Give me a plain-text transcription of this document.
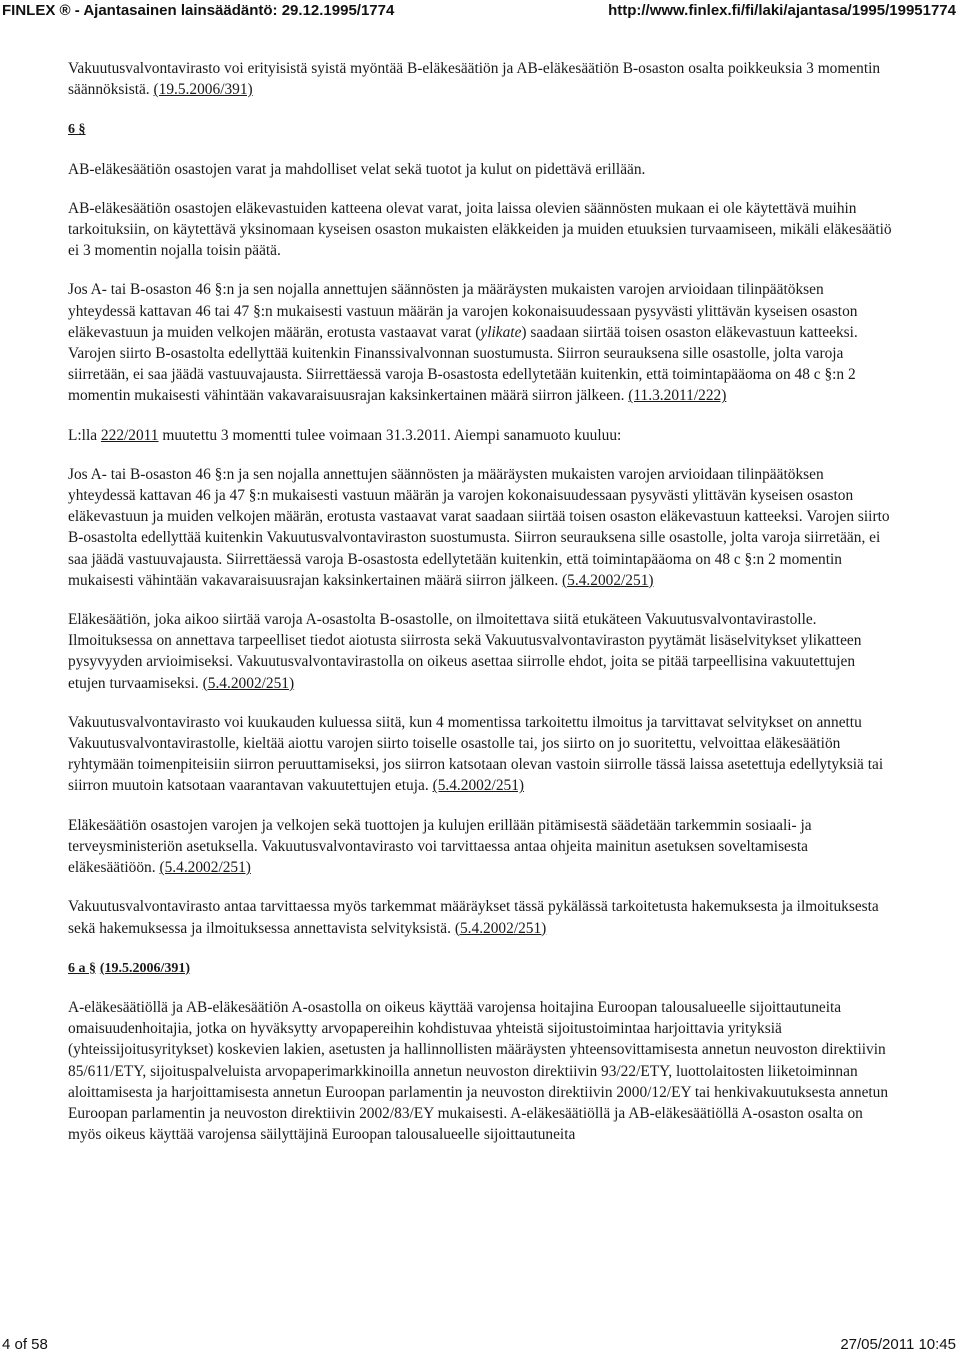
FINLEX ® - Ajantasainen lainsäädäntö: 29.12.1995/1774	http://www.finlex.fi/fi/laki/ajantasa/1995/19951774

Vakuutusvalvontavirasto voi erityisistä syistä myöntää B-eläkesäätiön ja AB-eläkesäätiön B-osaston osalta poikkeuksia 3 momentin säännöksistä. (19.5.2006/391)

6 §

AB-eläkesäätiön osastojen varat ja mahdolliset velat sekä tuotot ja kulut on pidettävä erillään.

AB-eläkesäätiön osastojen eläkevastuiden katteena olevat varat, joita laissa olevien säännösten mukaan ei ole käytettävä muihin tarkoituksiin, on käytettävä yksinomaan kyseisen osaston mukaisten eläkkeiden ja muiden etuuksien turvaamiseen, mikäli eläkesäätiö ei 3 momentin nojalla toisin päätä.

Jos A- tai B-osaston 46 §:n ja sen nojalla annettujen säännösten ja määräysten mukaisten varojen arvioidaan tilinpäätöksen yhteydessä kattavan 46 tai 47 §:n mukaisesti vastuun määrän ja varojen kokonaisuudessaan pysyvästi ylittävän kyseisen osaston eläkevastuun ja muiden velkojen määrän, erotusta vastaavat varat (ylikate) saadaan siirtää toisen osaston eläkevastuun katteeksi. Varojen siirto B-osastolta edellyttää kuitenkin Finanssivalvonnan suostumusta. Siirron seurauksena sille osastolle, jolta varoja siirretään, ei saa jäädä vastuuvajausta. Siirrettäessä varoja B-osastosta edellytetään kuitenkin, että toimintapääoma on 48 c §:n 2 momentin mukaisesti vähintään vakavaraisuusrajan kaksinkertainen määrä siirron jälkeen. (11.3.2011/222)

L:lla 222/2011 muutettu 3 momentti tulee voimaan 31.3.2011. Aiempi sanamuoto kuuluu:

Jos A- tai B-osaston 46 §:n ja sen nojalla annettujen säännösten ja määräysten mukaisten varojen arvioidaan tilinpäätöksen yhteydessä kattavan 46 ja 47 §:n mukaisesti vastuun määrän ja varojen kokonaisuudessaan pysyvästi ylittävän kyseisen osaston eläkevastuun ja muiden velkojen määrän, erotusta vastaavat varat saadaan siirtää toisen osaston eläkevastuun katteeksi. Varojen siirto B-osastolta edellyttää kuitenkin Vakuutusvalvontaviraston suostumusta. Siirron seurauksena sille osastolle, jolta varoja siirretään, ei saa jäädä vastuuvajausta. Siirrettäessä varoja B-osastosta edellytetään kuitenkin, että toimintapääoma on 48 c §:n 2 momentin mukaisesti vähintään vakavaraisuusrajan kaksinkertainen määrä siirron jälkeen. (5.4.2002/251)

Eläkesäätiön, joka aikoo siirtää varoja A-osastolta B-osastolle, on ilmoitettava siitä etukäteen Vakuutusvalvontavirastolle. Ilmoituksessa on annettava tarpeelliset tiedot aiotusta siirrosta sekä Vakuutusvalvontaviraston pyytämät lisäselvitykset ylikatteen pysyvyyden arvioimiseksi. Vakuutusvalvontavirastolla on oikeus asettaa siirrolle ehdot, joita se pitää tarpeellisina vakuutettujen etujen turvaamiseksi. (5.4.2002/251)

Vakuutusvalvontavirasto voi kuukauden kuluessa siitä, kun 4 momentissa tarkoitettu ilmoitus ja tarvittavat selvitykset on annettu Vakuutusvalvontavirastolle, kieltää aiottu varojen siirto toiselle osastolle tai, jos siirto on jo suoritettu, velvoittaa eläkesäätiön ryhtymään toimenpiteisiin siirron peruuttamiseksi, jos siirron katsotaan olevan vastoin siirrolle tässä laissa asetettuja edellytyksiä tai siirron muutoin katsotaan vaarantavan vakuutettujen etuja. (5.4.2002/251)

Eläkesäätiön osastojen varojen ja velkojen sekä tuottojen ja kulujen erillään pitämisestä säädetään tarkemmin sosiaali- ja terveysministeriön asetuksella. Vakuutusvalvontavirasto voi tarvittaessa antaa ohjeita mainitun asetuksen soveltamisesta eläkesäätiöön. (5.4.2002/251)

Vakuutusvalvontavirasto antaa tarvittaessa myös tarkemmat määräykset tässä pykälässä tarkoitetusta hakemuksesta ja ilmoituksesta sekä hakemuksessa ja ilmoituksessa annettavista selvityksistä. (5.4.2002/251)

6 a § (19.5.2006/391)

A-eläkesäätiöllä ja AB-eläkesäätiön A-osastolla on oikeus käyttää varojensa hoitajina Euroopan talousalueelle sijoittautuneita omaisuudenhoitajia, jotka on hyväksytty arvopapereihin kohdistuvaa yhteistä sijoitustoimintaa harjoittavia yrityksiä (yhteissijoitusyritykset) koskevien lakien, asetusten ja hallinnollisten määräysten yhteensovittamisesta annetun neuvoston direktiivin 85/611/ETY, sijoituspalveluista arvopaperimarkkinoilla annetun neuvoston direktiivin 93/22/ETY, luottolaitosten liiketoiminnan aloittamisesta ja harjoittamisesta annetun Euroopan parlamentin ja neuvoston direktiivin 2000/12/EY tai henkivakuutuksesta annetun Euroopan parlamentin ja neuvoston direktiivin 2002/83/EY mukaisesti. A-eläkesäätiöllä ja AB-eläkesäätiöllä A-osaston osalta on myös oikeus käyttää varojensa säilyttäjinä Euroopan talousalueelle sijoittautuneita

4 of 58	27/05/2011 10:45
